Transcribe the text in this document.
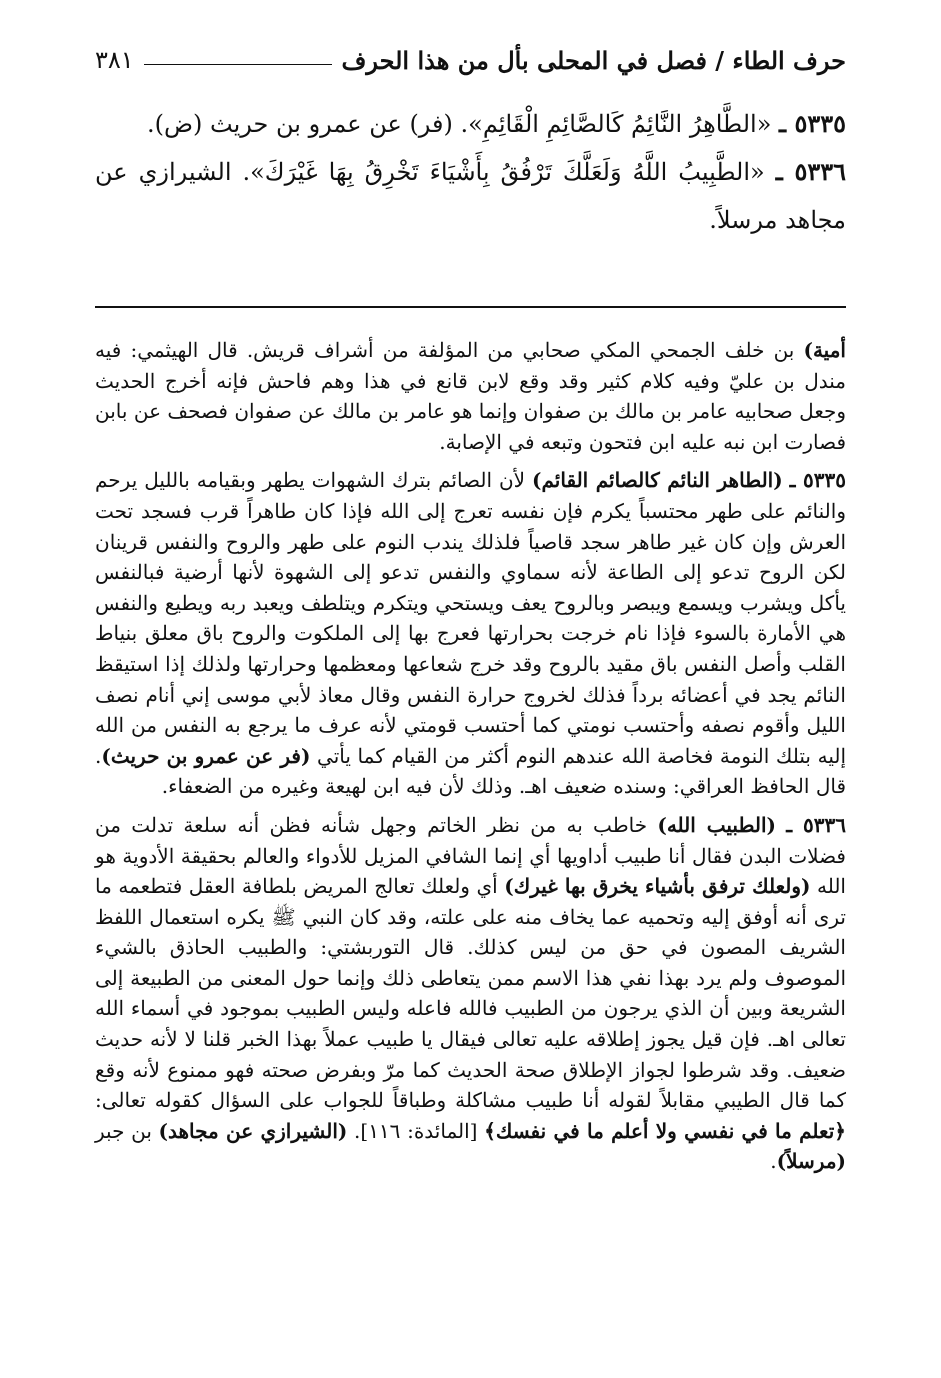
حرف الطاء / فصل في المحلى بأل من هذا الحرف
٣٨١

٥٣٣٥ ـ «الطَّاهِرُ النَّائِمُ كَالصَّائِمِ الْقَائِمِ». (فر) عن عمرو بن حريث (ض).

٥٣٣٦ ـ «الطَّبِيبُ اللَّهُ وَلَعَلَّكَ تَرْفُقُ بِأَشْيَاءَ تَخْرِقُ بِهَا غَيْرَكَ». الشيرازي عن مجاهد مرسلاً.

أمية) بن خلف الجمحي المكي صحابي من المؤلفة من أشراف قريش. قال الهيثمي: فيه مندل بن عليّ وفيه كلام كثير وقد وقع لابن قانع في هذا وهم فاحش فإنه أخرج الحديث وجعل صحابيه عامر بن مالك بن صفوان وإنما هو عامر بن مالك عن صفوان فصحف عن بابن فصارت ابن نبه عليه ابن فتحون وتبعه في الإصابة.

٥٣٣٥ ـ (الطاهر النائم كالصائم القائم) لأن الصائم بترك الشهوات يطهر وبقيامه بالليل يرحم والنائم على طهر محتسباً يكرم فإن نفسه تعرج إلى الله فإذا كان طاهراً قرب فسجد تحت العرش وإن كان غير طاهر سجد قاصياً فلذلك يندب النوم على طهر والروح والنفس قرينان لكن الروح تدعو إلى الطاعة لأنه سماوي والنفس تدعو إلى الشهوة لأنها أرضية فبالنفس يأكل ويشرب ويسمع ويبصر وبالروح يعف ويستحي ويتكرم ويتلطف ويعبد ربه ويطيع والنفس هي الأمارة بالسوء فإذا نام خرجت بحرارتها فعرج بها إلى الملكوت والروح باق معلق بنياط القلب وأصل النفس باق مقيد بالروح وقد خرج شعاعها ومعظمها وحرارتها ولذلك إذا استيقظ النائم يجد في أعضائه برداً فذلك لخروج حرارة النفس وقال معاذ لأبي موسى إني أنام نصف الليل وأقوم نصفه وأحتسب نومتي كما أحتسب قومتي لأنه عرف ما يرجع به النفس من الله إليه بتلك النومة فخاصة الله عندهم النوم أكثر من القيام كما يأتي (فر عن عمرو بن حريث). قال الحافظ العراقي: وسنده ضعيف اهـ. وذلك لأن فيه ابن لهيعة وغيره من الضعفاء.

٥٣٣٦ ـ (الطبيب الله) خاطب به من نظر الخاتم وجهل شأنه فظن أنه سلعة تدلت من فضلات البدن فقال أنا طبيب أداويها أي إنما الشافي المزيل للأدواء والعالم بحقيقة الأدوية هو الله (ولعلك ترفق بأشياء يخرق بها غيرك) أي ولعلك تعالج المريض بلطافة العقل فتطعمه ما ترى أنه أوفق إليه وتحميه عما يخاف منه على علته، وقد كان النبي ﷺ يكره استعمال اللفظ الشريف المصون في حق من ليس كذلك. قال التوربشتي: والطبيب الحاذق بالشيء الموصوف ولم يرد بهذا نفي هذا الاسم ممن يتعاطى ذلك وإنما حول المعنى من الطبيعة إلى الشريعة وبين أن الذي يرجون من الطبيب فالله فاعله وليس الطبيب بموجود في أسماء الله تعالى اهـ. فإن قيل يجوز إطلاقه عليه تعالى فيقال يا طبيب عملاً بهذا الخبر قلنا لا لأنه حديث ضعيف. وقد شرطوا لجواز الإطلاق صحة الحديث كما مرّ وبفرض صحته فهو ممنوع لأنه وقع كما قال الطيبي مقابلاً لقوله أنا طبيب مشاكلة وطباقاً للجواب على السؤال كقوله تعالى: ﴿تعلم ما في نفسي ولا أعلم ما في نفسك﴾ [المائدة: ١١٦]. (الشيرازي عن مجاهد) بن جبر (مرسلاً).
